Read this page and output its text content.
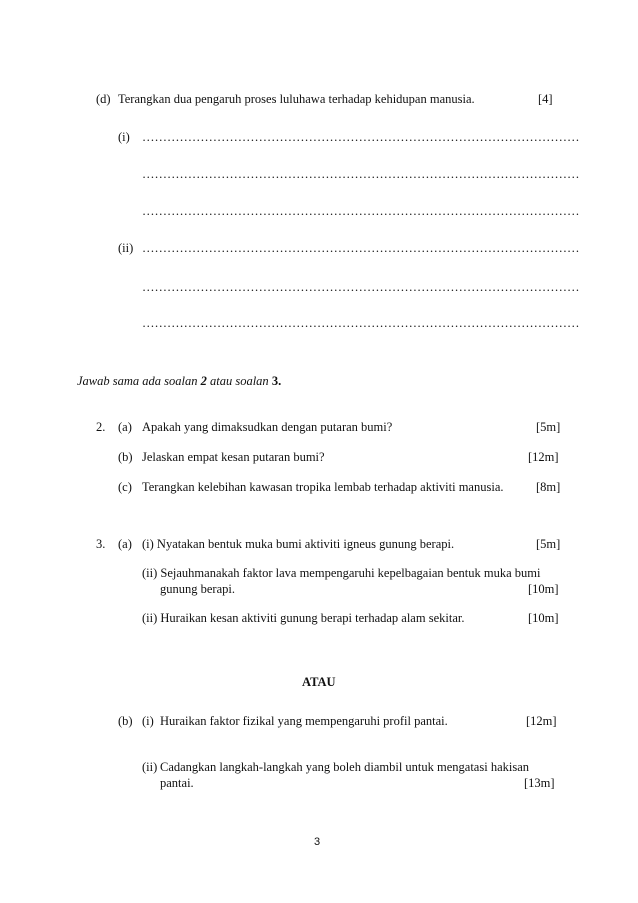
(d) Terangkan dua pengaruh proses luluhawa terhadap kehidupan manusia.	[4]
(i) ……………………………………………………………………………………………
……………………………………………………………………………………………
……………………………………………………………………………………………
(ii) ……………………………………………………………………………………………
……………………………………………………………………………………………
……………………………………………………………………………………………
Jawab sama ada soalan 2 atau soalan 3.
2. (a) Apakah yang dimaksudkan dengan putaran bumi?	[5m]
(b) Jelaskan empat kesan putaran bumi?	[12m]
(c) Terangkan kelebihan kawasan tropika lembab terhadap aktiviti manusia.	[8m]
3. (a) (i) Nyatakan bentuk muka bumi aktiviti igneus gunung berapi.	[5m]
(ii) Sejauhmanakah faktor lava mempengaruhi kepelbagaian bentuk muka bumi
gunung berapi.	[10m]
(ii) Huraikan kesan aktiviti gunung berapi terhadap alam sekitar.	[10m]
ATAU
(b) (i) Huraikan faktor fizikal yang mempengaruhi profil pantai.	[12m]
(ii) Cadangkan langkah-langkah yang boleh diambil untuk mengatasi hakisan
pantai.	[13m]
3
